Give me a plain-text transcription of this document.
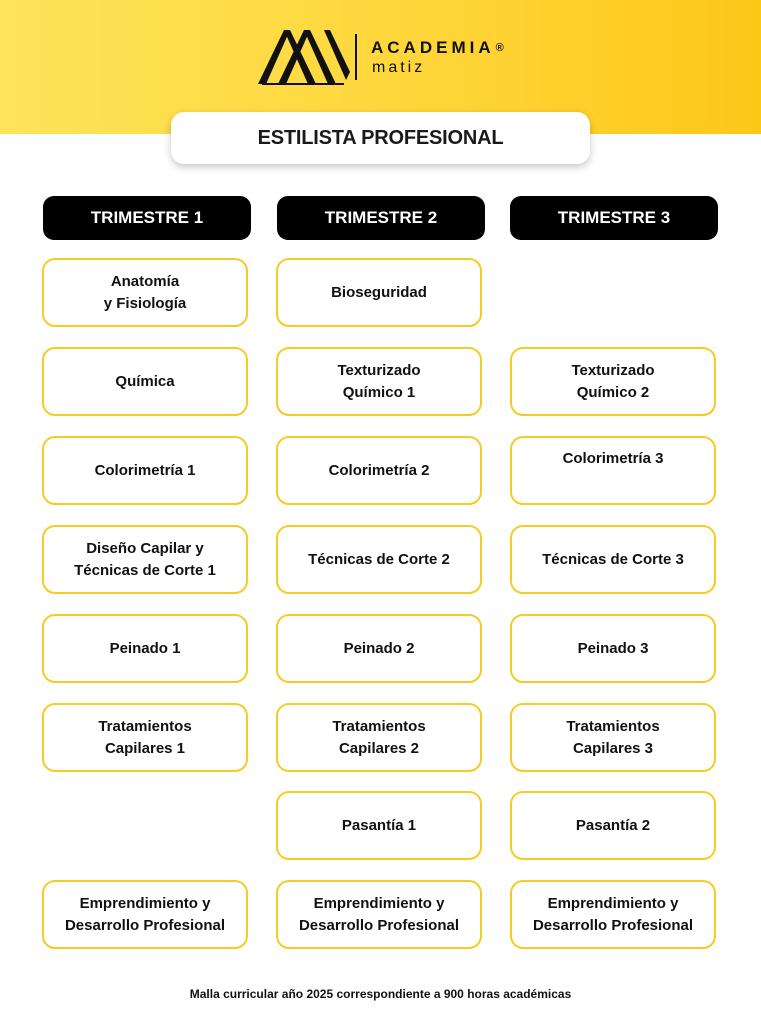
ACADEMIA®
matiz
ESTILISTA PROFESIONAL
TRIMESTRE 1	TRIMESTRE 2	TRIMESTRE 3
Anatomía
y Fisiología
Química
Colorimetría 1
Diseño Capilar y
Técnicas de Corte 1
Peinado 1
Tratamientos
Capilares 1
Emprendimiento y
Desarrollo Profesional
Bioseguridad
Texturizado
Químico 1
Colorimetría 2
Técnicas de Corte 2
Peinado 2
Tratamientos
Capilares 2
Pasantía 1
Emprendimiento y
Desarrollo Profesional
Texturizado
Químico 2
Colorimetría 3
Técnicas de Corte 3
Peinado 3
Tratamientos
Capilares 3
Pasantía 2
Emprendimiento y
Desarrollo Profesional
Malla curricular año 2025 correspondiente a 900 horas académicas
